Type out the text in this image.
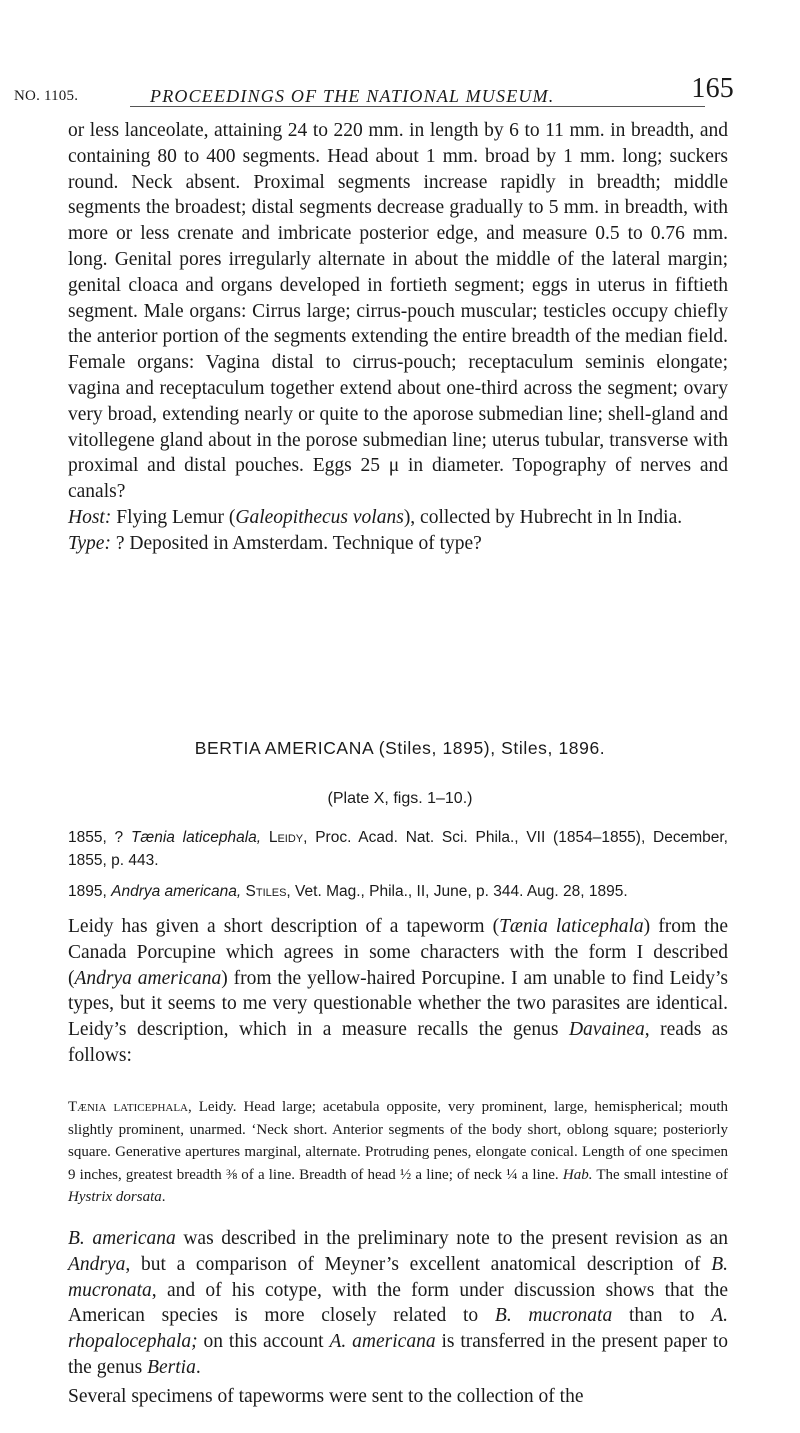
NO. 1105.	PROCEEDINGS OF THE NATIONAL MUSEUM.	165

or less lanceolate, attaining 24 to 220 mm. in length by 6 to 11 mm. in breadth, and containing 80 to 400 segments. Head about 1 mm. broad by 1 mm. long; suckers round. Neck absent. Proximal segments increase rapidly in breadth; middle segments the broadest; distal segments decrease gradually to 5 mm. in breadth, with more or less crenate and imbricate posterior edge, and measure 0.5 to 0.76 mm. long. Genital pores irregularly alternate in about the middle of the lateral margin; genital cloaca and organs developed in fortieth segment; eggs in uterus in fiftieth segment. Male organs: Cirrus large; cirrus-pouch muscular; testicles occupy chiefly the anterior portion of the segments extending the entire breadth of the median field. Female organs: Vagina distal to cirrus-pouch; receptaculum seminis elongate; vagina and receptaculum together extend about one-third across the segment; ovary very broad, extending nearly or quite to the aporose submedian line; shell-gland and vitollegene gland about in the porose submedian line; uterus tubular, transverse with proximal and distal pouches. Eggs 25 μ in diameter. Topography of nerves and canals?
Host: Flying Lemur (Galeopithecus volans), collected by Hubrecht in ln India.
Type: ? Deposited in Amsterdam. Technique of type?

BERTIA AMERICANA (Stiles, 1895), Stiles, 1896.

(Plate X, figs. 1–10.)

1855, ? Tænia laticephala, Leidy, Proc. Acad. Nat. Sci. Phila., VII (1854–1855), December, 1855, p. 443.

1895, Andrya americana, Stiles, Vet. Mag., Phila., II, June, p. 344. Aug. 28, 1895.

Leidy has given a short description of a tapeworm (Tænia laticephala) from the Canada Porcupine which agrees in some characters with the form I described (Andrya americana) from the yellow-haired Porcupine. I am unable to find Leidy’s types, but it seems to me very questionable whether the two parasites are identical. Leidy’s description, which in a measure recalls the genus Davainea, reads as follows:

Tænia laticephala, Leidy. Head large; acetabula opposite, very prominent, large, hemispherical; mouth slightly prominent, unarmed. ‘Neck short. Anterior segments of the body short, oblong square; posteriorly square. Generative apertures marginal, alternate. Protruding penes, elongate conical. Length of one specimen 9 inches, greatest breadth ⅜ of a line. Breadth of head ½ a line; of neck ¼ a line. Hab. The small intestine of Hystrix dorsata.

B. americana was described in the preliminary note to the present revision as an Andrya, but a comparison of Meyner’s excellent anatomical description of B. mucronata, and of his cotype, with the form under discussion shows that the American species is more closely related to B. mucronata than to A. rhopalocephala; on this account A. americana is transferred in the present paper to the genus Bertia.

Several specimens of tapeworms were sent to the collection of the
